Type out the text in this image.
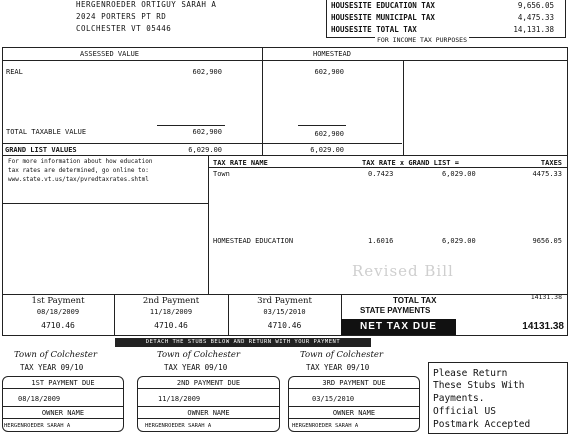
HERGENROEDER ORTIGUY SARAH A
2024 PORTERS PT RD
COLCHESTER VT 05446
HOUSESITE EDUCATION TAX	9,656.05
HOUSESITE MUNICIPAL TAX	4,475.33
HOUSESITE TOTAL TAX	14,131.38
FOR INCOME TAX PURPOSES
ASSESSED VALUE	HOMESTEAD
REAL	602,900	602,900
TOTAL TAXABLE VALUE	602,900	602,900
GRAND LIST VALUES	6,029.00	6,029.00
For more information about how education
tax rates are determined, go online to:
www.state.vt.us/tax/pvredtaxrates.shtml
TAX RATE NAME	TAX RATE x GRAND LIST =	TAXES
Town	0.7423	6,029.00	4475.33
HOMESTEAD EDUCATION	1.6016	6,029.00	9656.05
Revised Bill
1st Payment
08/18/2009
4710.46
2nd Payment
11/18/2009
4710.46
3rd Payment
03/15/2010
4710.46
TOTAL TAX	14131.38
STATE PAYMENTS
NET TAX DUE	14131.38
DETACH THE STUBS BELOW AND RETURN WITH YOUR PAYMENT
Town of Colchester
TAX YEAR 09/10
1ST PAYMENT DUE
08/18/2009
OWNER NAME
HERGENROEDER SARAH A
Town of Colchester
TAX YEAR 09/10
2ND PAYMENT DUE
11/18/2009
OWNER NAME
HERGENROEDER SARAH A
Town of Colchester
TAX YEAR 09/10
3RD PAYMENT DUE
03/15/2010
OWNER NAME
HERGENROEDER SARAH A
Please Return
These Stubs With
Payments.
Official US
Postmark Accepted
